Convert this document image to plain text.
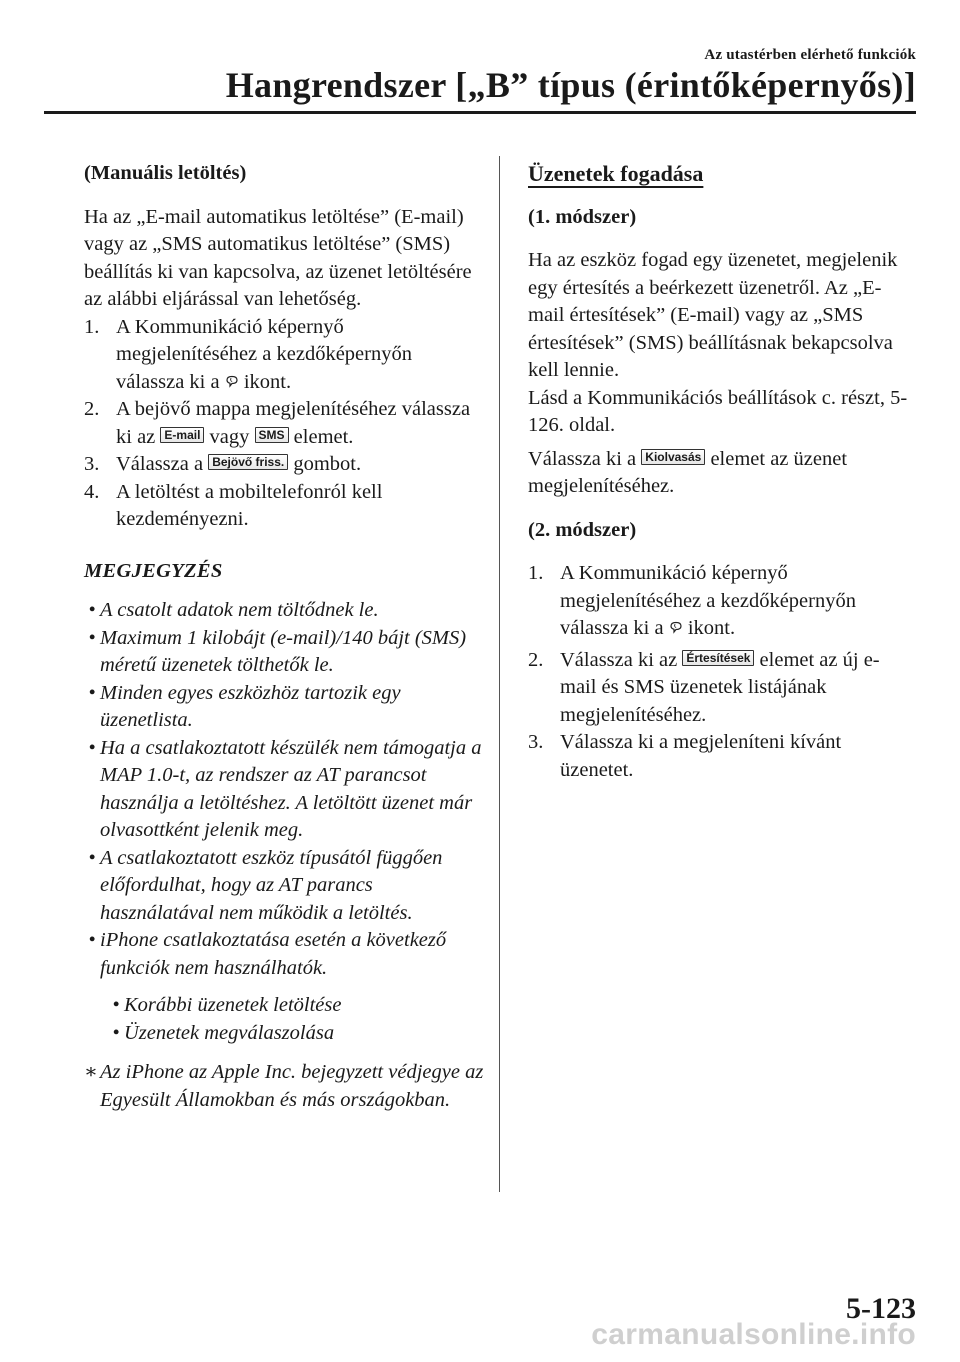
Az utastérben elérhető funkciók
Hangrendszer [„B” típus (érintőképernyős)]

(Manuális letöltés)

Ha az „E-mail automatikus letöltése” (E-mail) vagy az „SMS automatikus letöltése” (SMS) beállítás ki van kapcsolva, az üzenet letöltésére az alábbi eljárással van lehetőség.

1. A Kommunikáció képernyő megjelenítéséhez a kezdőképernyőn válassza ki a ikont.
2. A bejövő mappa megjelenítéséhez válassza ki az E-mail vagy SMS elemet.
3. Válassza a Bejövő friss. gombot.
4. A letöltést a mobiltelefonról kell kezdeményezni.

MEGJEGYZÉS

• A csatolt adatok nem töltődnek le.
• Maximum 1 kilobájt (e-mail)/140 bájt (SMS) méretű üzenetek tölthetők le.
• Minden egyes eszközhöz tartozik egy üzenetlista.
• Ha a csatlakoztatott készülék nem támogatja a MAP 1.0-t, az rendszer az AT parancsot használja a letöltéshez. A letöltött üzenet már olvasottként jelenik meg.
• A csatlakoztatott eszköz típusától függően előfordulhat, hogy az AT parancs használatával nem működik a letöltés.
• iPhone csatlakoztatása esetén a következő funkciók nem használhatók.
• Korábbi üzenetek letöltése
• Üzenetek megválaszolása
∗ Az iPhone az Apple Inc. bejegyzett védjegye az Egyesült Államokban és más országokban.

Üzenetek fogadása

(1. módszer)

Ha az eszköz fogad egy üzenetet, megjelenik egy értesítés a beérkezett üzenetről. Az „E-mail értesítések” (E-mail) vagy az „SMS értesítések” (SMS) beállításnak bekapcsolva kell lennie.

Lásd a Kommunikációs beállítások c. részt, 5-126. oldal.

Válassza ki a Kiolvasás elemet az üzenet megjelenítéséhez.

(2. módszer)

1. A Kommunikáció képernyő megjelenítéséhez a kezdőképernyőn válassza ki a ikont.
2. Válassza ki az Értesítések elemet az új e-mail és SMS üzenetek listájának megjelenítéséhez.
3. Válassza ki a megjeleníteni kívánt üzenetet.
5-123
carmanualsonline.info
